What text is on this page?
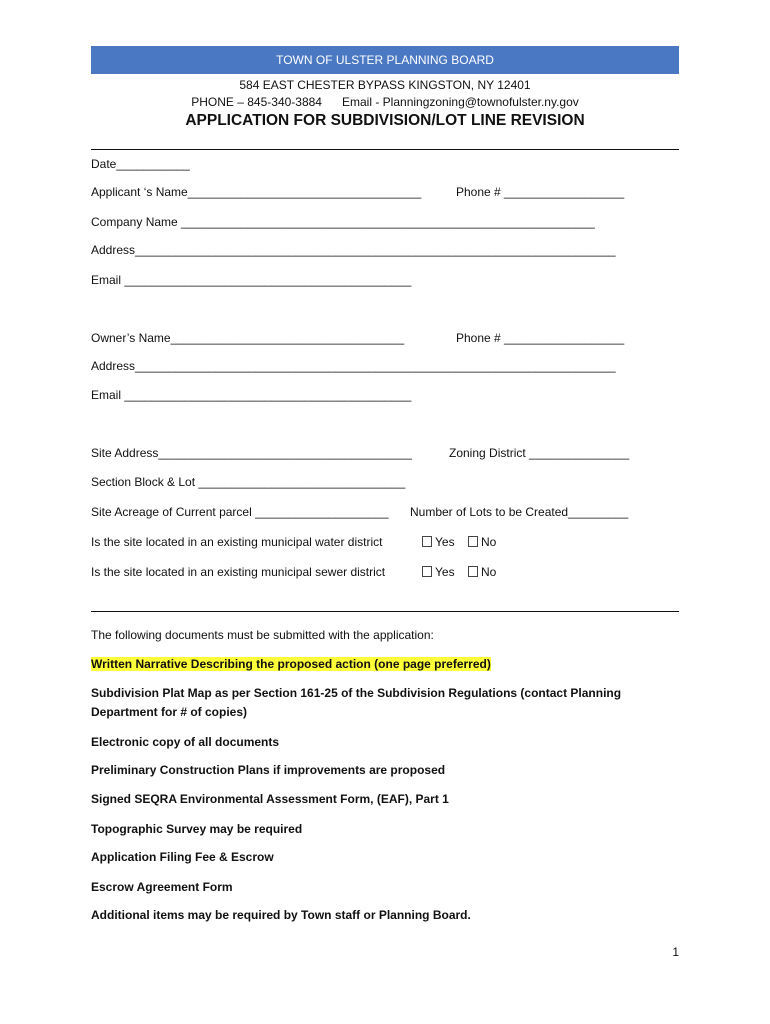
TOWN OF ULSTER PLANNING BOARD
584 EAST CHESTER BYPASS KINGSTON, NY 12401
PHONE – 845-340-3884 Email - Planningzoning@townofulster.ny.gov
APPLICATION FOR SUBDIVISION/LOT LINE REVISION
Date___________
Applicant ‘s Name___________________________________	Phone # __________________
Company Name ______________________________________________________________
Address________________________________________________________________________
Email ___________________________________________
Owner’s Name___________________________________	Phone # __________________
Address________________________________________________________________________
Email ___________________________________________
Site Address______________________________________	Zoning District _______________
Section Block & Lot _______________________________
Site Acreage of Current parcel ____________________ Number of Lots to be Created_________
Is the site located in an existing municipal water district	Yes	No
Is the site located in an existing municipal sewer district	Yes	No
The following documents must be submitted with the application:
Written Narrative Describing the proposed action (one page preferred)
Subdivision Plat Map as per Section 161-25 of the Subdivision Regulations (contact Planning
Department for # of copies)
Electronic copy of all documents
Preliminary Construction Plans if improvements are proposed
Signed SEQRA Environmental Assessment Form, (EAF), Part 1
Topographic Survey may be required
Application Filing Fee & Escrow
Escrow Agreement Form
Additional items may be required by Town staff or Planning Board.
1
